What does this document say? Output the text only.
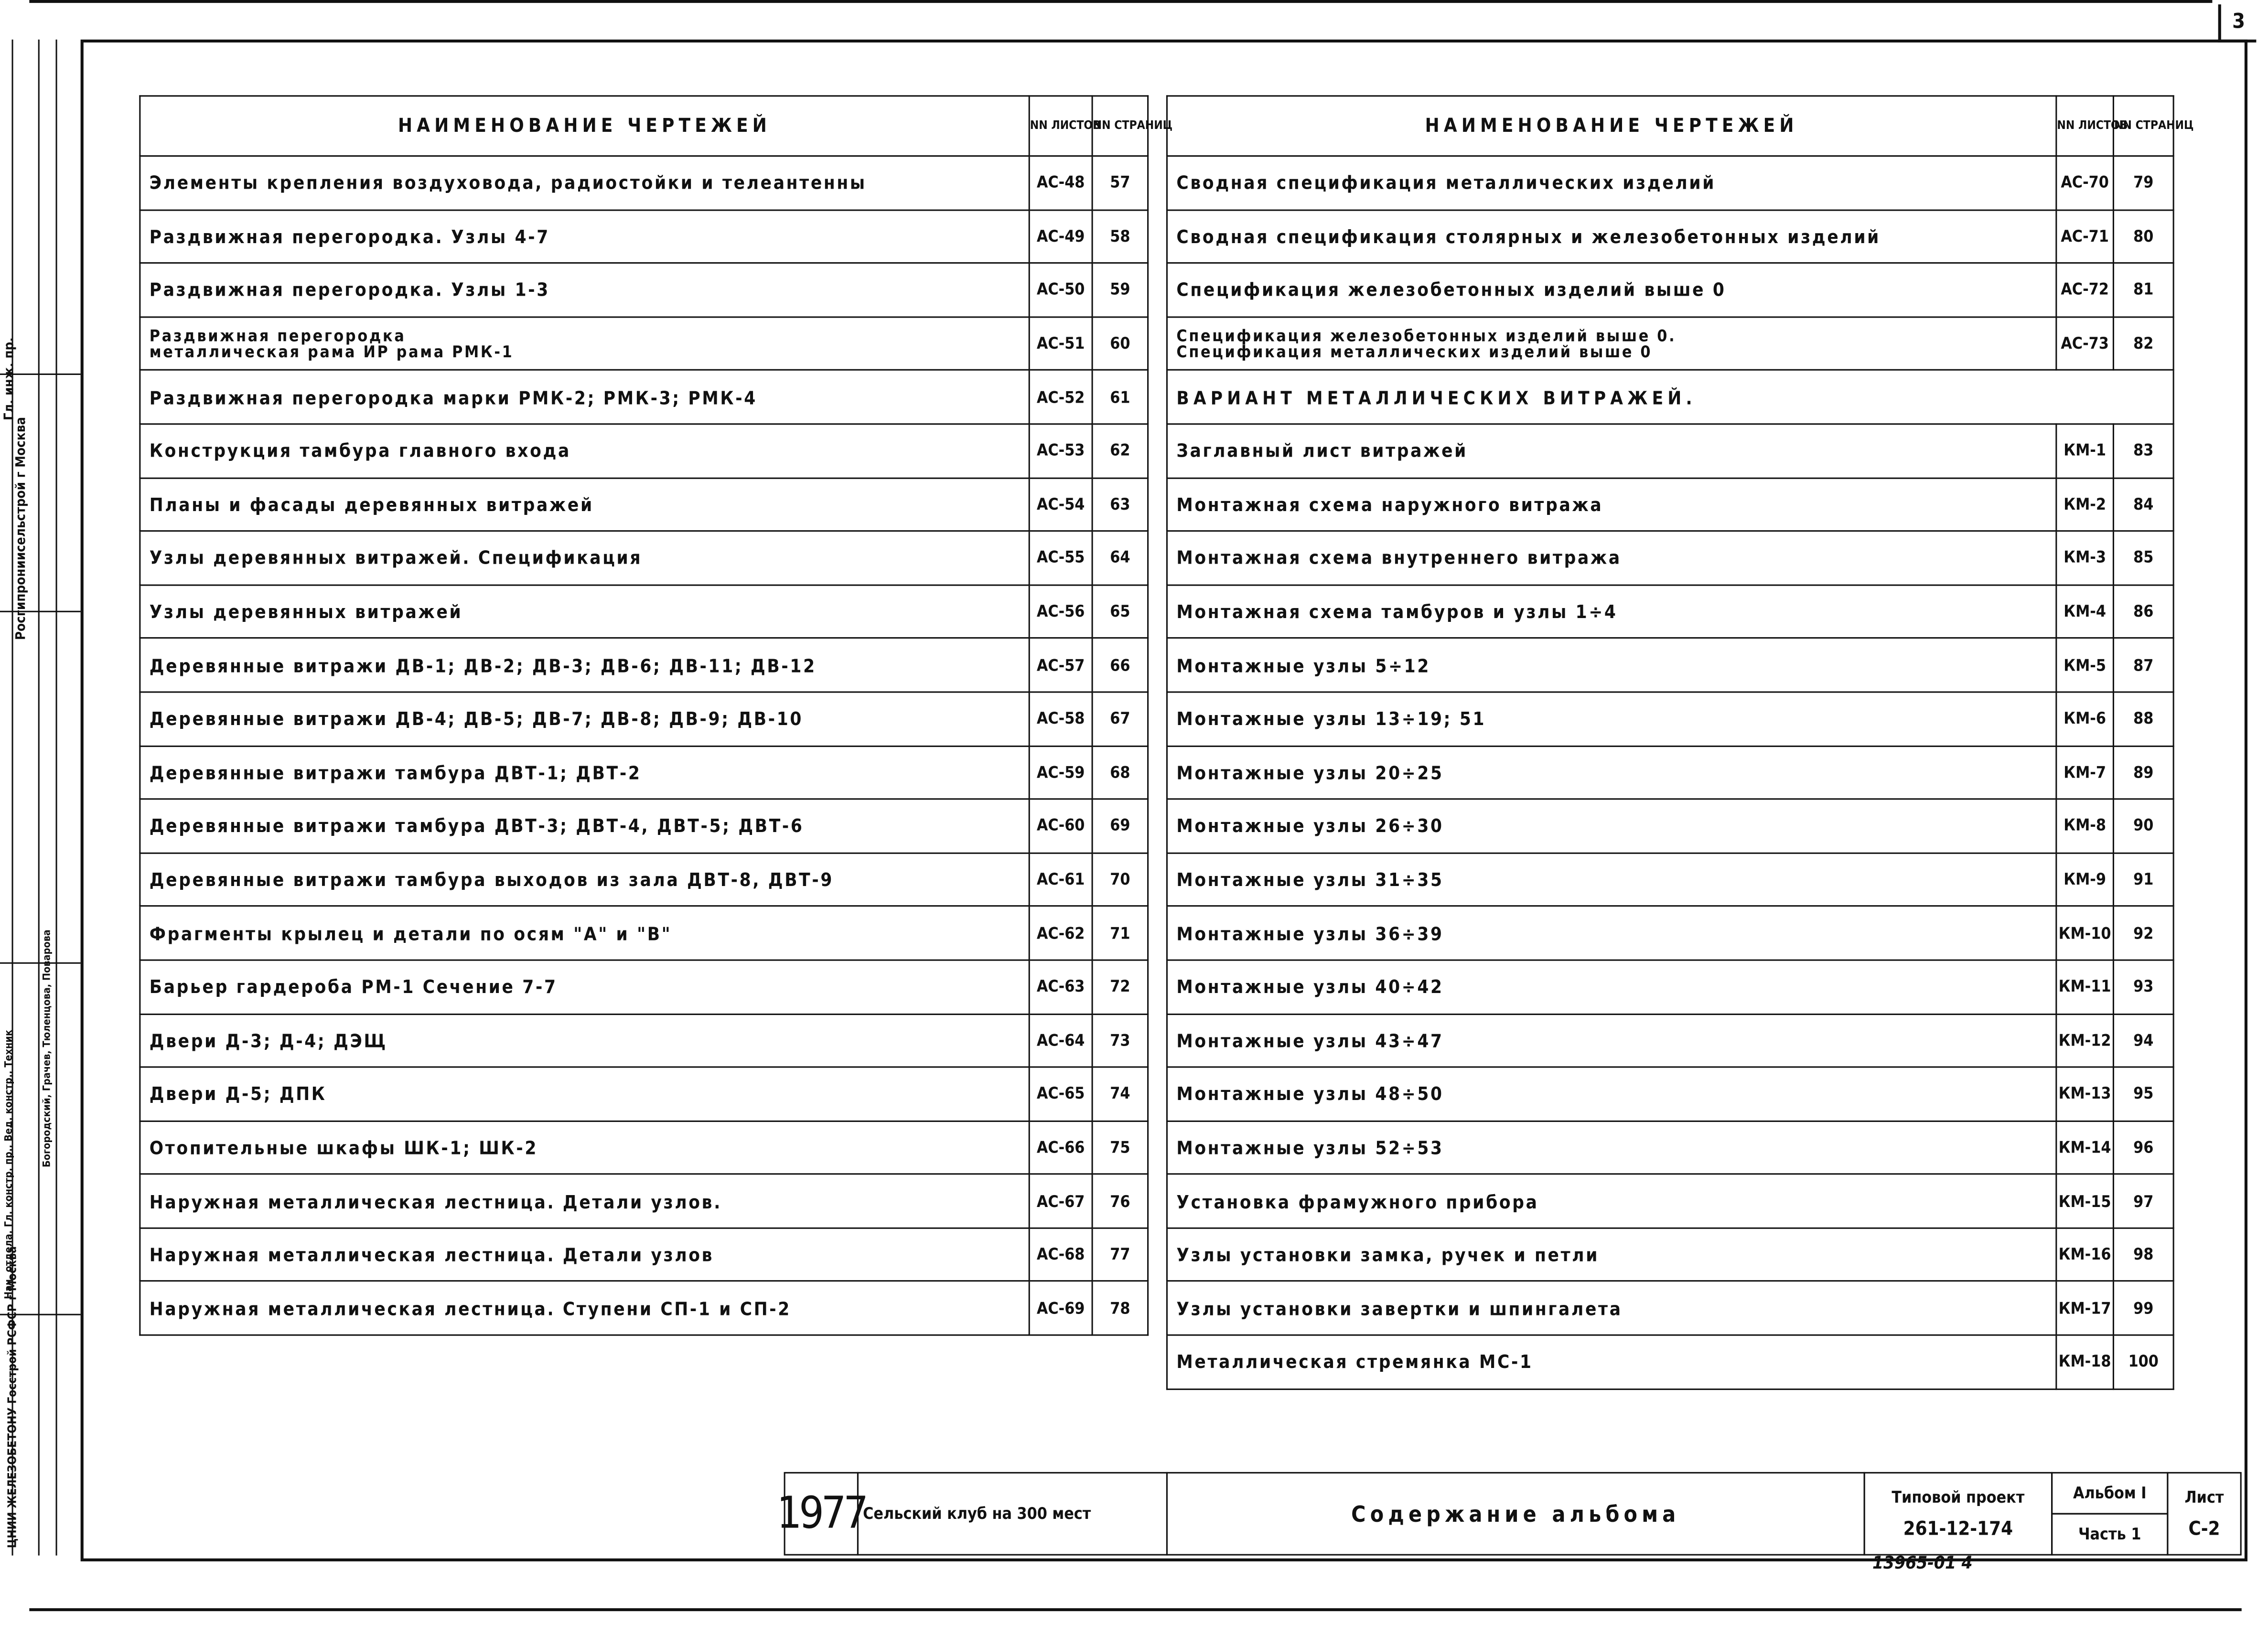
3
Росгипрониисельстрой г Москва
Гл. инж. пр.
Нач. отдела, Гл. констр. пр., Вед. констр., Техник	Богородский, Грачев, Тюленцова, Поварова
ЦНИИ ЖЕЛЕЗОБЕТОНУ Госстрой РСФСР г Москва
НАИМЕНОВАНИЕ ЧЕРТЕЖЕЙ	NN ЛИСТОВ	NN СТРАНИЦ
Элементы крепления воздуховода, радиостойки и телеантенны	АС-48	57
Раздвижная перегородка. Узлы 4-7	АС-49	58
Раздвижная перегородка. Узлы 1-3	АС-50	59
Раздвижная перегородка
металлическая рама ИР рама РМК-1	АС-51	60
Раздвижная перегородка марки РМК-2; РМК-3; РМК-4	АС-52	61
Конструкция тамбура главного входа	АС-53	62
Планы и фасады деревянных витражей	АС-54	63
Узлы деревянных витражей. Спецификация	АС-55	64
Узлы деревянных витражей	АС-56	65
Деревянные витражи ДВ-1; ДВ-2; ДВ-3; ДВ-6; ДВ-11; ДВ-12	АС-57	66
Деревянные витражи ДВ-4; ДВ-5; ДВ-7; ДВ-8; ДВ-9; ДВ-10	АС-58	67
Деревянные витражи тамбура ДВТ-1; ДВТ-2	АС-59	68
Деревянные витражи тамбура ДВТ-3; ДВТ-4, ДВТ-5; ДВТ-6	АС-60	69
Деревянные витражи тамбура выходов из зала ДВТ-8, ДВТ-9	АС-61	70
Фрагменты крылец и детали по осям "А" и "В"	АС-62	71
Барьер гардероба РМ-1 Сечение 7-7	АС-63	72
Двери Д-3; Д-4; ДЭЩ	АС-64	73
Двери Д-5; ДПК	АС-65	74
Отопительные шкафы ШК-1; ШК-2	АС-66	75
Наружная металлическая лестница. Детали узлов.	АС-67	76
Наружная металлическая лестница. Детали узлов	АС-68	77
Наружная металлическая лестница. Ступени СП-1 и СП-2	АС-69	78
НАИМЕНОВАНИЕ ЧЕРТЕЖЕЙ	NN ЛИСТОВ	NN СТРАНИЦ
Сводная спецификация металлических изделий	АС-70	79
Сводная спецификация столярных и железобетонных изделий	АС-71	80
Спецификация железобетонных изделий выше 0	АС-72	81
Спецификация железобетонных изделий выше 0.
Спецификация металлических изделий выше 0	АС-73	82
ВАРИАНТ МЕТАЛЛИЧЕСКИХ ВИТРАЖЕЙ.		
Заглавный лист витражей	КМ-1	83
Монтажная схема наружного витража	КМ-2	84
Монтажная схема внутреннего витража	КМ-3	85
Монтажная схема тамбуров и узлы 1÷4	КМ-4	86
Монтажные узлы 5÷12	КМ-5	87
Монтажные узлы 13÷19; 51	КМ-6	88
Монтажные узлы 20÷25	КМ-7	89
Монтажные узлы 26÷30	КМ-8	90
Монтажные узлы 31÷35	КМ-9	91
Монтажные узлы 36÷39	КМ-10	92
Монтажные узлы 40÷42	КМ-11	93
Монтажные узлы 43÷47	КМ-12	94
Монтажные узлы 48÷50	КМ-13	95
Монтажные узлы 52÷53	КМ-14	96
Установка фрамужного прибора	КМ-15	97
Узлы установки замка, ручек и петли	КМ-16	98
Узлы установки завертки и шпингалета	КМ-17	99
Металлическая стремянка МС-1	КМ-18	100
1977
Сельский клуб на 300 мест	Содержание альбома
Типовой проект
261-12-174
Альбом I
Часть 1
Лист
С-2
13965-01 4
